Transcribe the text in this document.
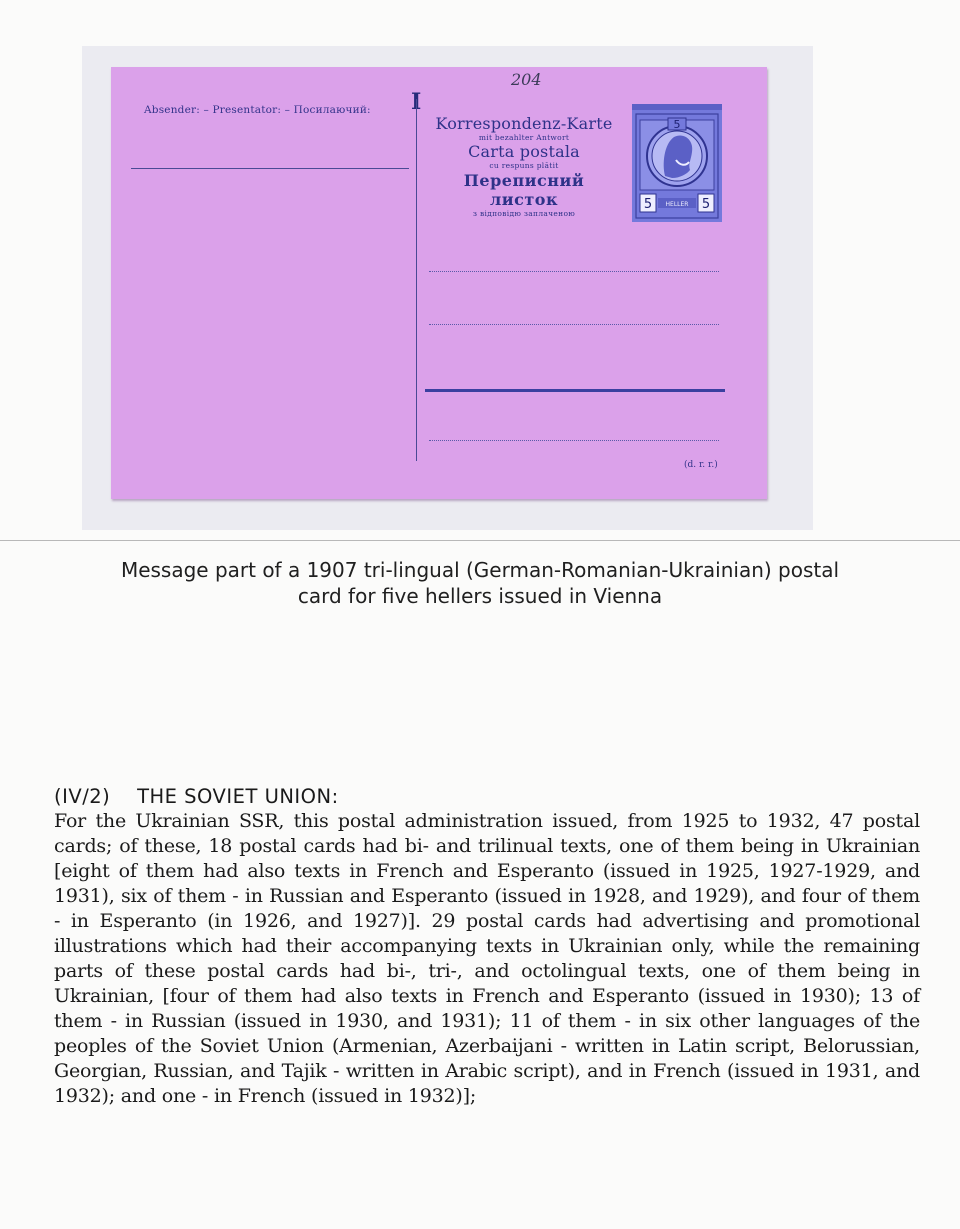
204
Absender: – Presentator: – Посилаючий: I
Korrespondenz-Karte
mit bezahlter Antwort
Carta postala
cu respuns plătit
Переписний листок
з відповідю заплаченою
5
5	5
HELLER
(d. r. r.)
Message part of a 1907 tri-lingual (German-Romanian-Ukrainian) postal
card for five hellers issued in Vienna
(IV/2)    THE SOVIET UNION:
For the Ukrainian SSR, this postal administration issued, from 1925 to 1932, 47 postal cards; of these, 18 postal cards had bi- and trilinual texts, one of them being in Ukrainian [eight of them had also texts in French and Esperanto (issued in 1925, 1927-1929, and 1931), six of them - in Russian and Esperanto (issued in 1928, and 1929), and four of them - in Esperanto (in 1926, and 1927)]. 29 postal cards had advertising and promotional illustrations which had their accompanying texts in Ukrainian only, while the remaining parts of these postal cards had bi-, tri-, and octolingual texts, one of them being in Ukrainian, [four of them had also texts in French and Esperanto (issued in 1930); 13 of them - in Russian (issued in 1930, and 1931); 11 of them - in six other languages of the peoples of the Soviet Union (Armenian, Azerbaijani - written in Latin script, Belorussian, Georgian, Russian, and Tajik - written in Arabic script), and in French (issued in 1931, and 1932); and one - in French (issued in 1932)];
